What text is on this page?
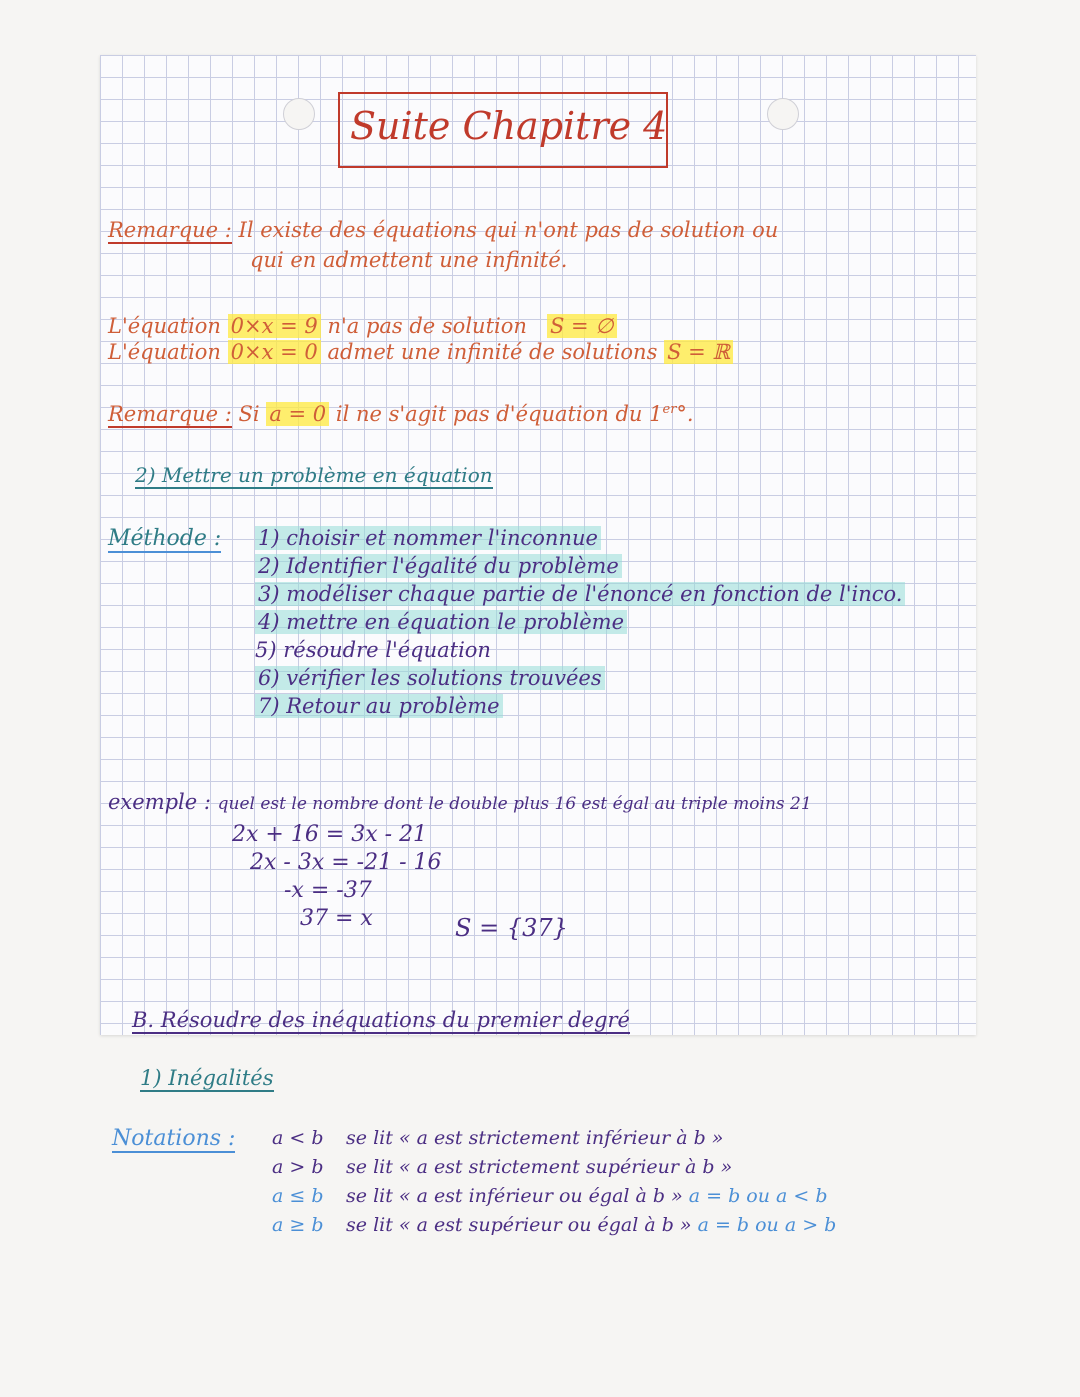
Suite Chapitre 4
Remarque : Il existe des équations qui n'ont pas de solution ou
qui en admettent une infinité.
L'équation 0×x = 9 n'a pas de solution S = ∅
L'équation 0×x = 0 admet une infinité de solutions S = ℝ
Remarque : Si a = 0 il ne s'agit pas d'équation du 1er°.
2) Mettre un problème en équation
Méthode : 1) choisir et nommer l'inconnue
2) Identifier l'égalité du problème
3) modéliser chaque partie de l'énoncé en fonction de l'inco.
4) mettre en équation le problème
5) résoudre l'équation
6) vérifier les solutions trouvées
7) Retour au problème
exemple : quel est le nombre dont le double plus 16 est égal au triple moins 21
2x + 16 = 3x - 21
2x - 3x = -21 - 16
-x = -37
37 = x	S = {37}
B. Résoudre des inéquations du premier degré
1) Inégalités
Notations : a < b se lit « a est strictement inférieur à b »
a > b se lit « a est strictement supérieur à b »
a ≤ b se lit « a est inférieur ou égal à b » a = b ou a < b
a ≥ b se lit « a est supérieur ou égal à b » a = b ou a > b
